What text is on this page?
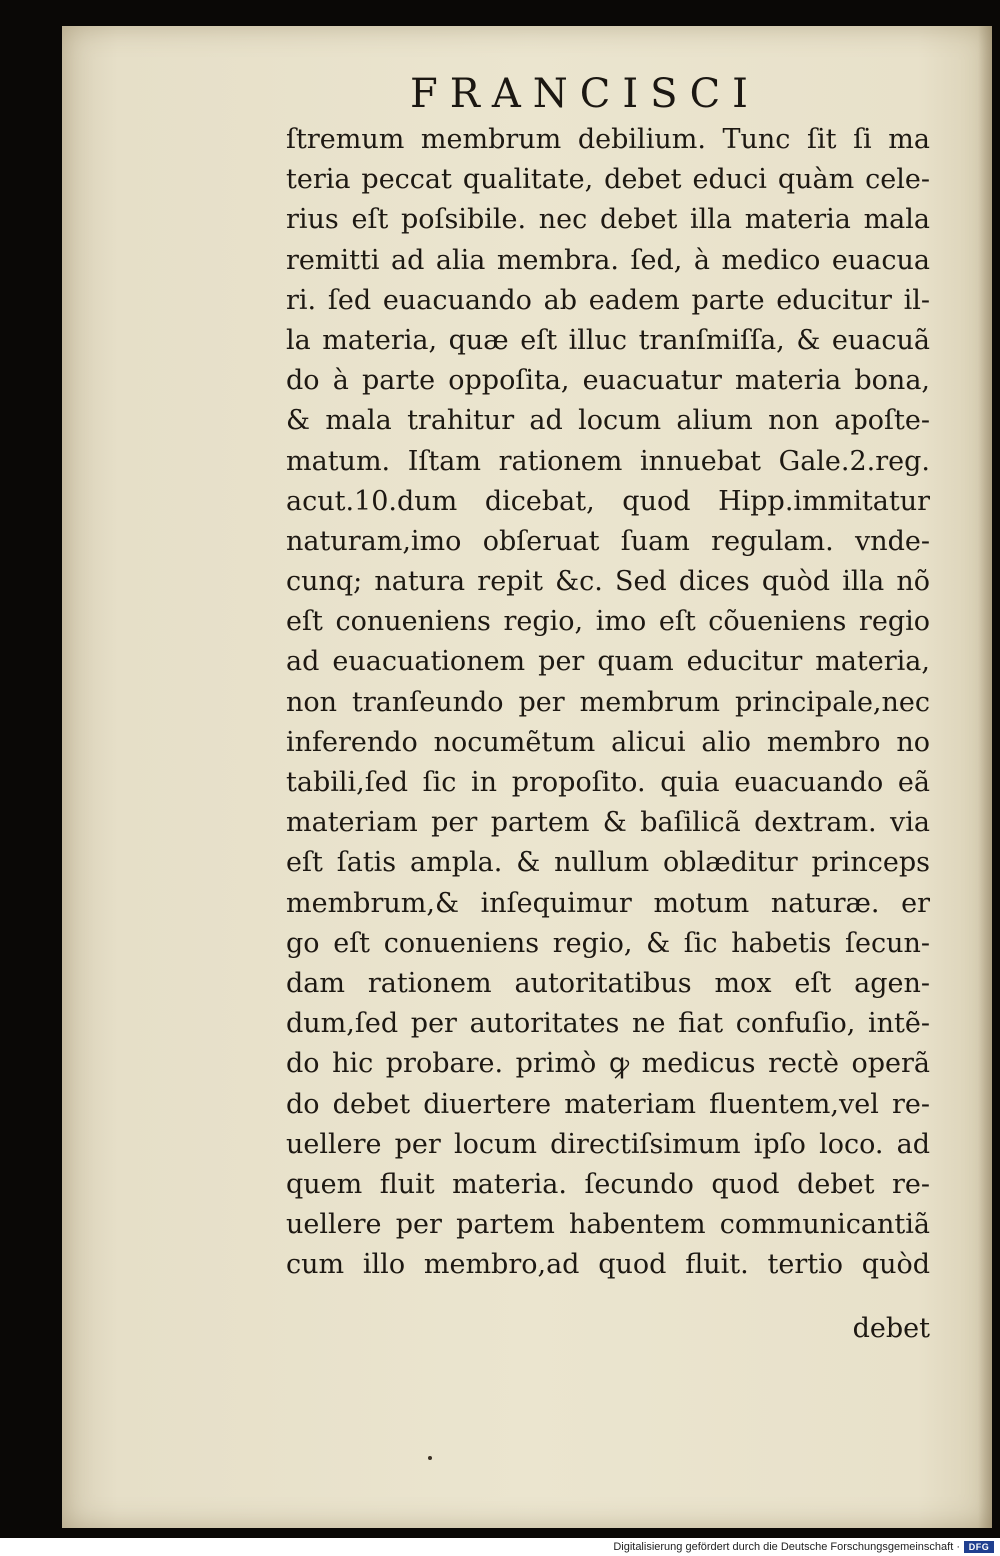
FRANCISCI
ſtremum membrum debilium. Tunc ſit ſi ma
teria peccat qualitate, debet educi quàm cele-
rius eſt poſsibile. nec debet illa materia mala
remitti ad alia membra. ſed, à medico euacua
ri. ſed euacuando ab eadem parte educitur il-
la materia, quæ eſt illuc tranſmiſſa, & euacuã
do à parte oppoſita, euacuatur materia bona,
& mala trahitur ad locum alium non apoſte-
matum. Iſtam rationem innuebat Gale.2.reg.
acut.10.dum dicebat, quod Hipp.immitatur
naturam,imo obſeruat ſuam regulam. vnde-
cunq; natura repit &c. Sed dices quòd illa nõ
eſt conueniens regio, imo eſt cõueniens regio
ad euacuationem per quam educitur materia,
non tranſeundo per membrum principale,nec
inferendo nocumẽtum alicui alio membro no
tabili,ſed ſic in propoſito. quia euacuando eã
materiam per partem & baſilicã dextram. via
eſt ſatis ampla. & nullum oblæditur princeps
membrum,& inſequimur motum naturæ. er
go eſt conueniens regio, & ſic habetis ſecun-
dam rationem autoritatibus mox eſt agen-
dum,ſed per autoritates ne fiat confuſio, intẽ-
do hic probare. primò ꝙ medicus rectè operã
do debet diuertere materiam fluentem,vel re-
uellere per locum directiſsimum ipſo loco. ad
quem fluit materia. ſecundo quod debet re-
uellere per partem habentem communicantiã
cum illo membro,ad quod fluit. tertio quòd
debet
Digitalisierung gefördert durch die Deutsche Forschungsgemeinschaft · DFG
